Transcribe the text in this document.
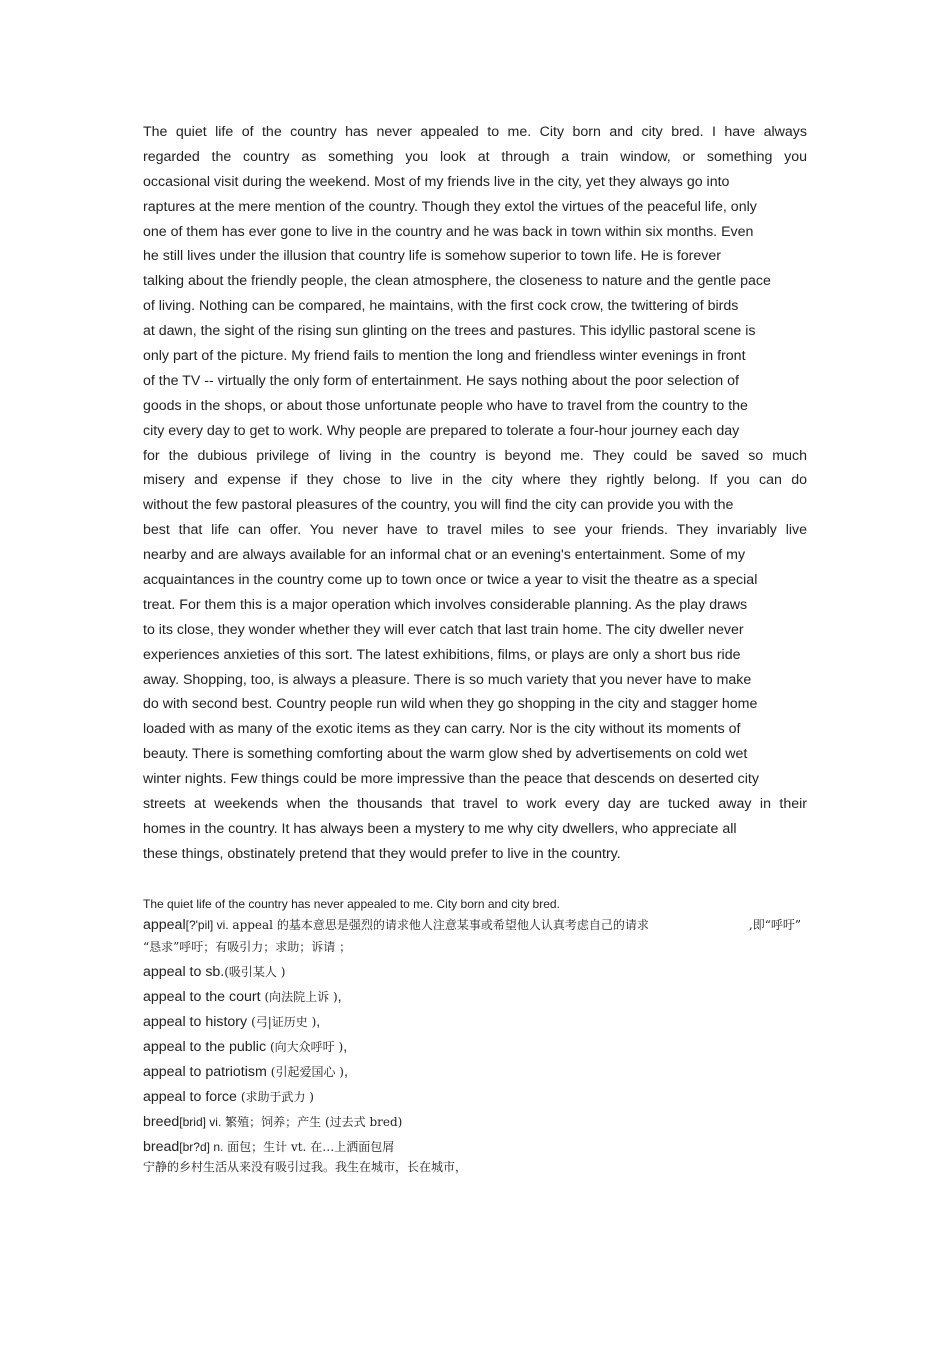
The quiet life of the country has never appealed to me. City born and city bred. I have always
regarded the country as something you look at through a train window, or something you
occasional visit during the weekend. Most of my friends live in the city, yet they always go into
raptures at the mere mention of the country. Though they extol the virtues of the peaceful life, only
one of them has ever gone to live in the country and he was back in town within six months. Even
he still lives under the illusion that country life is somehow superior to town life. He is forever
talking about the friendly people, the clean atmosphere, the closeness to nature and the gentle pace
of living. Nothing can be compared, he maintains, with the first cock crow, the twittering of birds
at dawn, the sight of the rising sun glinting on the trees and pastures. This idyllic pastoral scene is
only part of the picture. My friend fails to mention the long and friendless winter evenings in front
of the TV -- virtually the only form of entertainment. He says nothing about the poor selection of
goods in the shops, or about those unfortunate people who have to travel from the country to the
city every day to get to work. Why people are prepared to tolerate a four-hour journey each day
for the dubious privilege of living in the country is beyond me. They could be saved so much
misery and expense if they chose to live in the city where they rightly belong. If you can do
without the few pastoral pleasures of the country, you will find the city can provide you with the
best that life can offer. You never have to travel miles to see your friends. They invariably live
nearby and are always available for an informal chat or an evening's entertainment. Some of my
acquaintances in the country come up to town once or twice a year to visit the theatre as a special
treat. For them this is a major operation which involves considerable planning. As the play draws
to its close, they wonder whether they will ever catch that last train home. The city dweller never
experiences anxieties of this sort. The latest exhibitions, films, or plays are only a short bus ride
away. Shopping, too, is always a pleasure. There is so much variety that you never have to make
do with second best. Country people run wild when they go shopping in the city and stagger home
loaded with as many of the exotic items as they can carry. Nor is the city without its moments of
beauty. There is something comforting about the warm glow shed by advertisements on cold wet
winter nights. Few things could be more impressive than the peace that descends on deserted city
streets at weekends when the thousands that travel to work every day are tucked away in their
homes in the country. It has always been a mystery to me why city dwellers, who appreciate all
these things, obstinately pretend that they would prefer to live in the country.
The quiet life of the country has never appealed to me. City born and city bred.
appeal[?'pil] vi. appeal 的基本意思是强烈的请求他人注意某事或希望他人认真考虑自己的请求	,即“呼吁”
“恳求”呼吁；有吸引力；求助；诉请 ；
appeal to sb.(吸引某人 )
appeal to the court (向法院上诉 ),
appeal to history (弓|证历史 ),
appeal to the public (向大众呼吁 ),
appeal to patriotism (引起爱国心 ),
appeal to force (求助于武力 )
breed[brid] vi. 繁殖；饲养；产生 (过去式 bred)
bread[br?d] n. 面包；生计 vt. 在…上洒面包屑
宁静的乡村生活从来没有吸引过我。我生在城市，长在城市，
